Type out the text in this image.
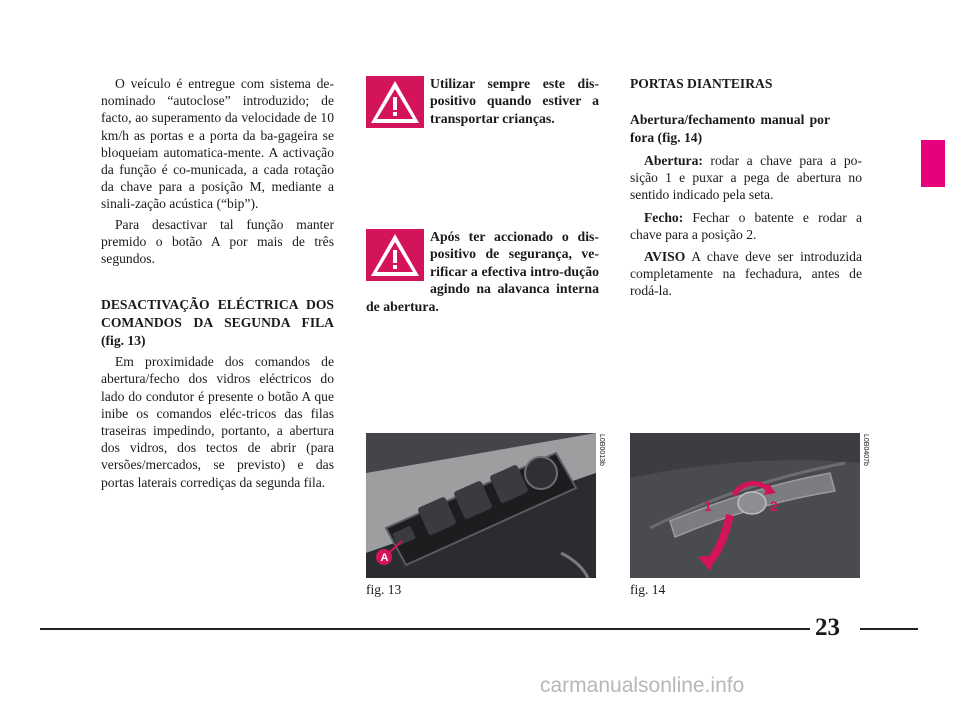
O veículo é entregue com sistema de-nominado “autoclose” introduzido; de facto, ao superamento da velocidade de 10 km/h as portas e a porta da ba-gageira se bloqueiam automatica-mente. A activação da função é co-municada, a cada rotação da chave para a posição M, mediante a sinali-zação acústica (“bip”).

Para desactivar tal função manter premido o botão A por mais de três segundos.

DESACTIVAÇÃO ELÉCTRICA DOS COMANDOS DA SEGUNDA FILA (fig. 13)

Em proximidade dos comandos de abertura/fecho dos vidros eléctricos do lado do condutor é presente o botão A que inibe os comandos eléc-tricos das filas traseiras impedindo, portanto, a abertura dos vidros, dos tectos de abrir (para versões/mercados, se previsto) e das portas laterais corrediças da segunda fila.

Utilizar sempre este dis-positivo quando estiver a transportar crianças.

Após ter accionado o dis-positivo de segurança, ve-rificar a efectiva intro-dução agindo na alavanca interna de abertura.

PORTAS DIANTEIRAS

Abertura/fechamento manual por fora (fig. 14)

Abertura: rodar a chave para a po-sição 1 e puxar a pega de abertura no sentido indicado pela seta.

Fecho: Fechar o batente e rodar a chave para a posição 2.

AVISO A chave deve ser introduzida completamente na fechadura, antes de rodá-la.

A
L0B0013b
fig. 13
1	2
L0B0407b
fig. 14
23
carmanualsonline.info
